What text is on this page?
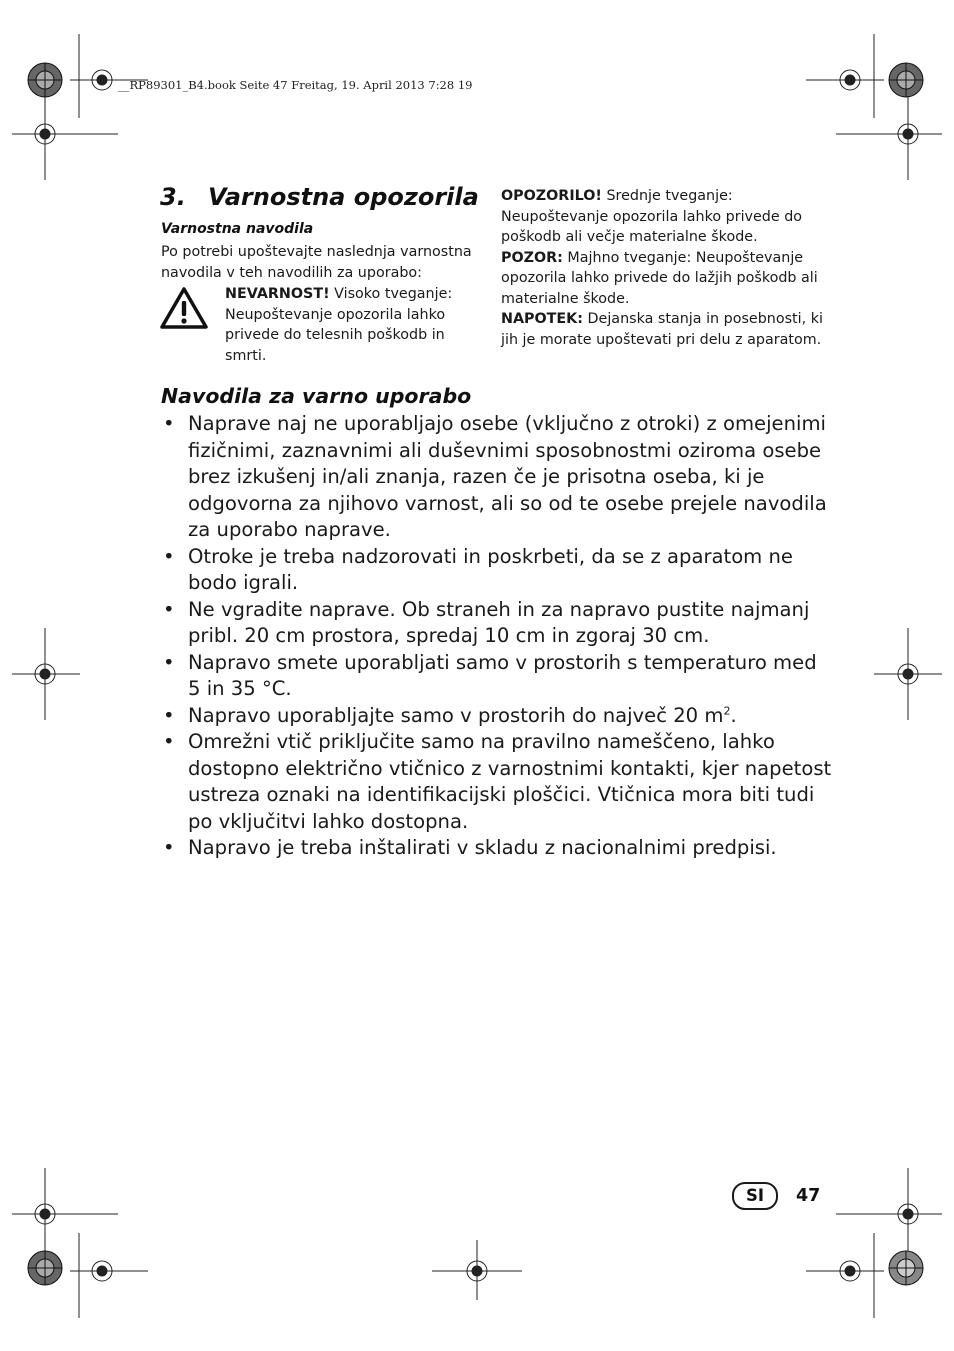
__RP89301_B4.book Seite 47 Freitag, 19. April 2013 7:28 19
3. Varnostna opozorila
Varnostna navodila
Po potrebi upoštevajte naslednja varnostna navodila v teh navodilih za uporabo:
NEVARNOST! Visoko tveganje: Neupoštevanje opozorila lahko privede do telesnih poškodb in smrti.

OPOZORILO! Srednje tveganje: Neupoštevanje opozorila lahko privede do poškodb ali večje materialne škode.

POZOR: Majhno tveganje: Neupoštevanje opozorila lahko privede do lažjih poškodb ali materialne škode.

NAPOTEK: Dejanska stanja in posebnosti, ki jih je morate upoštevati pri delu z aparatom.

Navodila za varno uporabo
• Naprave naj ne uporabljajo osebe (vključno z otroki) z omejenimi fizičnimi, zaznavnimi ali duševnimi sposobnostmi oziroma osebe brez izkušenj in/ali znanja, razen če je prisotna oseba, ki je odgovorna za njihovo varnost, ali so od te osebe prejele navodila za uporabo naprave.
• Otroke je treba nadzorovati in poskrbeti, da se z aparatom ne bodo igrali.
• Ne vgradite naprave. Ob straneh in za napravo pustite najmanj pribl. 20 cm prostora, spredaj 10 cm in zgoraj 30 cm.
• Napravo smete uporabljati samo v prostorih s temperaturo med 5 in 35 °C.
• Napravo uporabljajte samo v prostorih do največ 20 $m^2$.
• Omrežni vtič priključite samo na pravilno nameščeno, lahko dostopno električno vtičnico z varnostnimi kontakti, kjer napetost ustreza oznaki na identifikacijski ploščici. Vtičnica mora biti tudi po vključitvi lahko dostopna.
• Napravo je treba inštalirati v skladu z nacionalnimi predpisi.
SI	47
